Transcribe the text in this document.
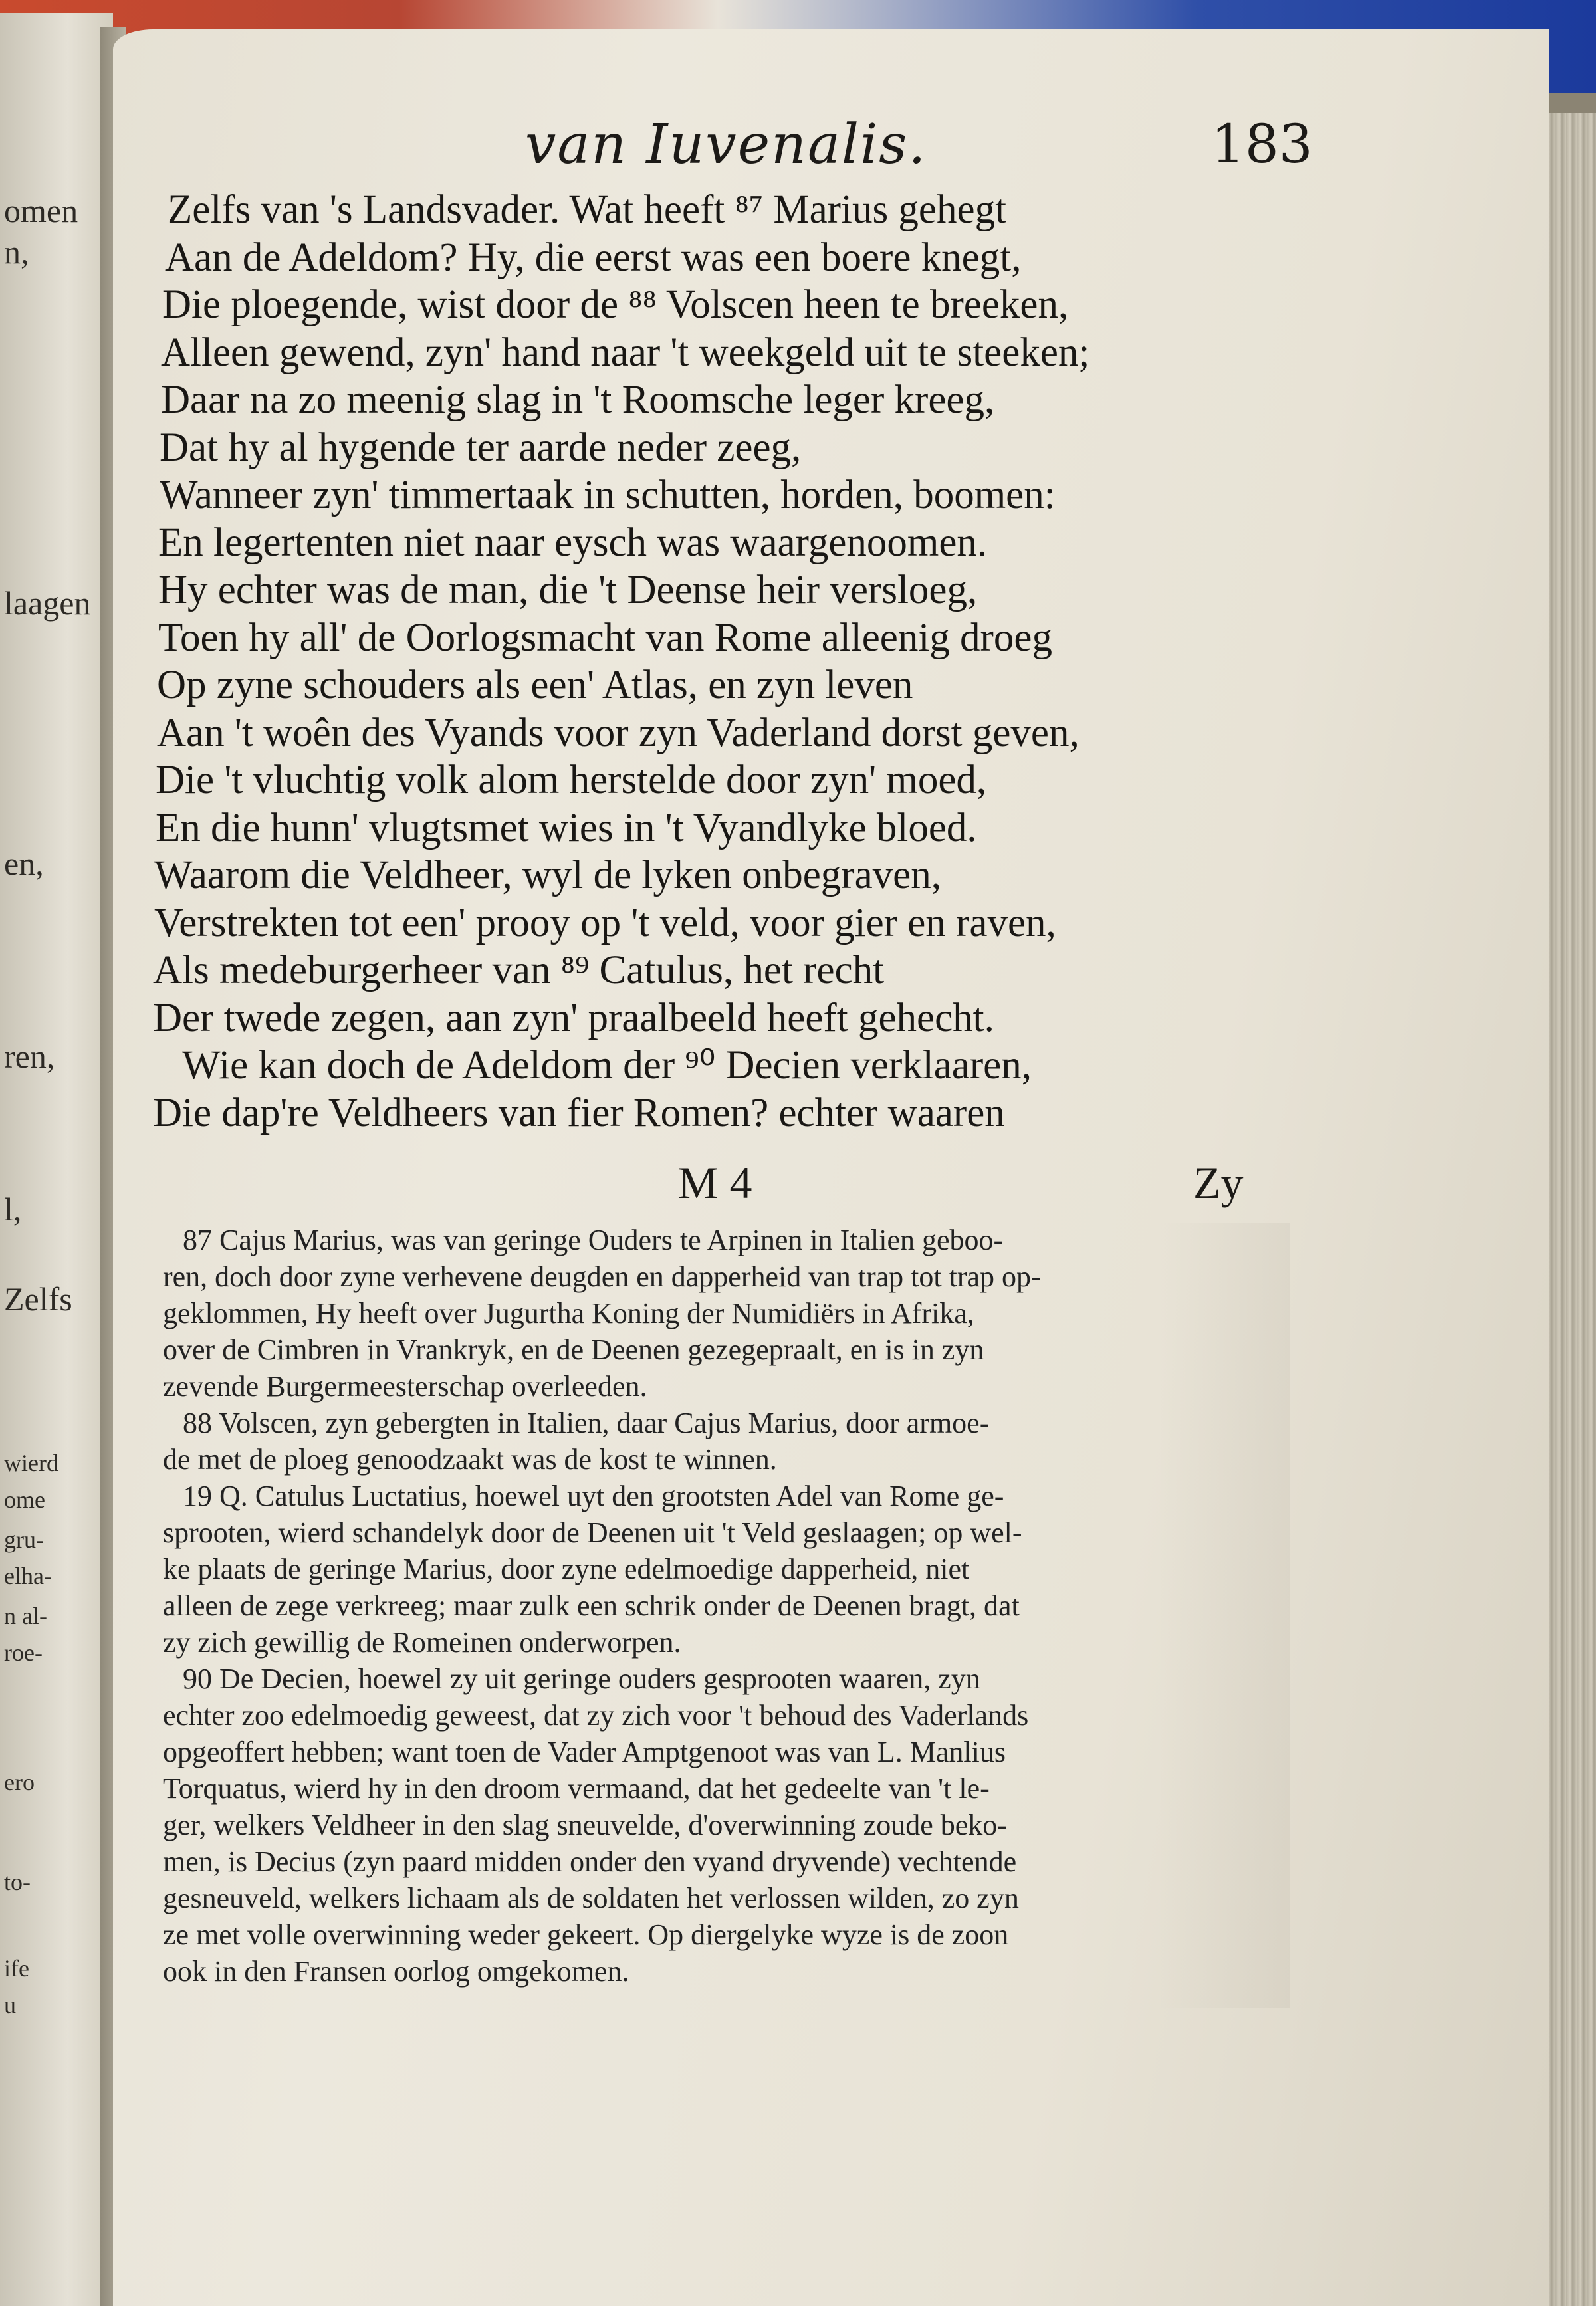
omen
n,
laagen
en,
ren,
l,
Zelfs
wierd
ome
gru-
elha-
n al-
roe-
ero
to-
ife
u
van Iuvenalis.	183
Zelfs van 's Landsvader. Wat heeft ⁸⁷ Marius gehegt
Aan de Adeldom? Hy, die eerst was een boere knegt,
Die ploegende, wist door de ⁸⁸ Volscen heen te breeken,
Alleen gewend, zyn' hand naar 't weekgeld uit te steeken;
Daar na zo meenig slag in 't Roomsche leger kreeg,
Dat hy al hygende ter aarde neder zeeg,
Wanneer zyn' timmertaak in schutten, horden, boomen:
En legertenten niet naar eysch was waargenoomen.
Hy echter was de man, die 't Deense heir versloeg,
Toen hy all' de Oorlogsmacht van Rome alleenig droeg
Op zyne schouders als een' Atlas, en zyn leven
Aan 't woên des Vyands voor zyn Vaderland dorst geven,
Die 't vluchtig volk alom herstelde door zyn' moed,
En die hunn' vlugtsmet wies in 't Vyandlyke bloed.
Waarom die Veldheer, wyl de lyken onbegraven,
Verstrekten tot een' prooy op 't veld, voor gier en raven,
Als medeburgerheer van ⁸⁹ Catulus, het recht
Der twede zegen, aan zyn' praalbeeld heeft gehecht.
Wie kan doch de Adeldom der ⁹⁰ Decien verklaaren,
Die dap're Veldheers van fier Romen? echter waaren
M 4	Zy
87 Cajus Marius, was van geringe Ouders te Arpinen in Italien geboo-
ren, doch door zyne verhevene deugden en dapperheid van trap tot trap op-
geklommen, Hy heeft over Jugurtha Koning der Numidiërs in Afrika,
over de Cimbren in Vrankryk, en de Deenen gezegepraalt, en is in zyn
zevende Burgermeesterschap overleeden.
88 Volscen, zyn gebergten in Italien, daar Cajus Marius, door armoe-
de met de ploeg genoodzaakt was de kost te winnen.
19 Q. Catulus Luctatius, hoewel uyt den grootsten Adel van Rome ge-
sprooten, wierd schandelyk door de Deenen uit 't Veld geslaagen; op wel-
ke plaats de geringe Marius, door zyne edelmoedige dapperheid, niet
alleen de zege verkreeg; maar zulk een schrik onder de Deenen bragt, dat
zy zich gewillig de Romeinen onderworpen.
90 De Decien, hoewel zy uit geringe ouders gesprooten waaren, zyn
echter zoo edelmoedig geweest, dat zy zich voor 't behoud des Vaderlands
opgeoffert hebben; want toen de Vader Amptgenoot was van L. Manlius
Torquatus, wierd hy in den droom vermaand, dat het gedeelte van 't le-
ger, welkers Veldheer in den slag sneuvelde, d'overwinning zoude beko-
men, is Decius (zyn paard midden onder den vyand dryvende) vechtende
gesneuveld, welkers lichaam als de soldaten het verlossen wilden, zo zyn
ze met volle overwinning weder gekeert. Op diergelyke wyze is de zoon
ook in den Fransen oorlog omgekomen.
